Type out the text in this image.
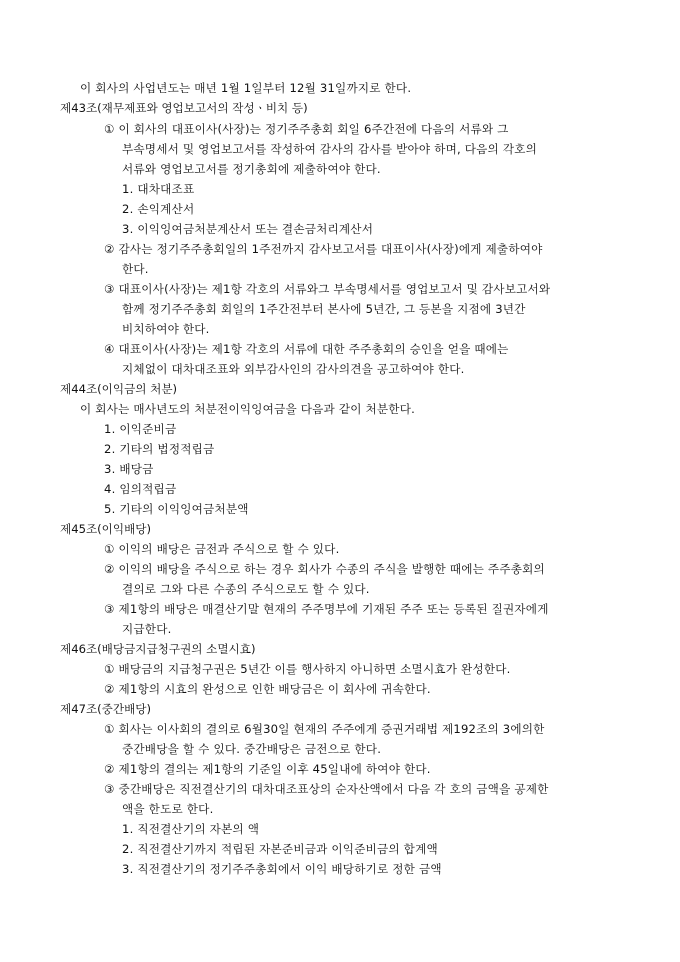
이 회사의 사업년도는 매년 1월 1일부터 12월 31일까지로 한다.
제43조(재무제표와 영업보고서의 작성ㆍ비치 등)
① 이 회사의 대표이사(사장)는 정기주주총회 회일 6주간전에 다음의 서류와 그
부속명세서 및 영업보고서를 작성하여 감사의 감사를 받아야 하며, 다음의 각호의
서류와 영업보고서를 정기총회에 제출하여야 한다.
1. 대차대조표
2. 손익계산서
3. 이익잉여금처분계산서 또는 결손금처리계산서
② 감사는 정기주주총회일의 1주전까지 감사보고서를 대표이사(사장)에게 제출하여야
한다.
③ 대표이사(사장)는 제1항 각호의 서류와그 부속명세서를 영업보고서 및 감사보고서와
함께 정기주주총회 회일의 1주간전부터 본사에 5년간, 그 등본을 지점에 3년간
비치하여야 한다.
④ 대표이사(사장)는 제1항 각호의 서류에 대한 주주총회의 승인을 얻을 때에는
지체없이 대차대조표와 외부감사인의 감사의견을 공고하여야 한다.
제44조(이익금의 처분)
이 회사는 매사년도의 처분전이익잉여금을 다음과 같이 처분한다.
1. 이익준비금
2. 기타의 법정적립금
3. 배당금
4. 임의적립금
5. 기타의 이익잉여금처분액
제45조(이익배당)
① 이익의 배당은 금전과 주식으로 할 수 있다.
② 이익의 배당을 주식으로 하는 경우 회사가 수종의 주식을 발행한 때에는 주주총회의
결의로 그와 다른 수종의 주식으로도 할 수 있다.
③ 제1항의 배당은 매결산기말 현재의 주주명부에 기재된 주주 또는 등록된 질권자에게
지급한다.
제46조(배당금지급청구권의 소멸시효)
① 배당금의 지급청구권은 5년간 이를 행사하지 아니하면 소멸시효가 완성한다.
② 제1항의 시효의 완성으로 인한 배당금은 이 회사에 귀속한다.
제47조(중간배당)
① 회사는 이사회의 결의로 6월30일 현재의 주주에게 증권거래법 제192조의 3에의한
중간배당을 할 수 있다. 중간배당은 금전으로 한다.
② 제1항의 결의는 제1항의 기준일 이후 45일내에 하여야 한다.
③ 중간배당은 직전결산기의 대차대조표상의 순자산액에서 다음 각 호의 금액을 공제한
액을 한도로 한다.
1. 직전결산기의 자본의 액
2. 직전결산기까지 적립된 자본준비금과 이익준비금의 합계액
3. 직전결산기의 정기주주총회에서 이익 배당하기로 정한 금액
